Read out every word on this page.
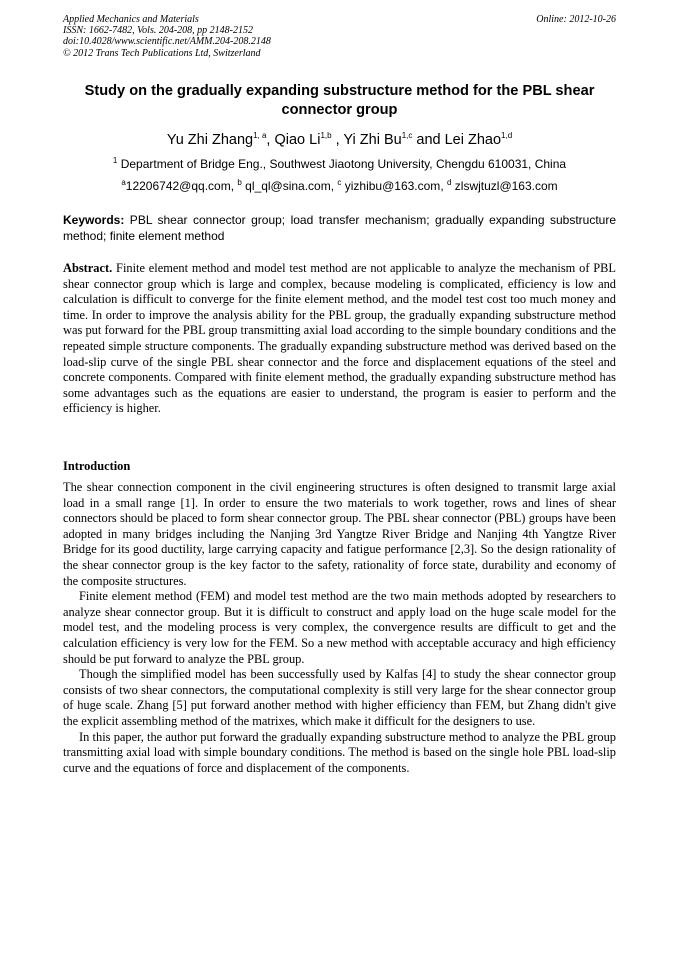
Applied Mechanics and Materials
ISSN: 1662-7482, Vols. 204-208, pp 2148-2152
doi:10.4028/www.scientific.net/AMM.204-208.2148
© 2012 Trans Tech Publications Ltd, Switzerland
Online: 2012-10-26
Study on the gradually expanding substructure method for the PBL shear connector group
Yu Zhi Zhang$^{1, a}$, Qiao Li$^{1,b}$ , Yi Zhi Bu$^{1,c}$ and Lei Zhao$^{1,d}$
$^1$ Department of Bridge Eng., Southwest Jiaotong University, Chengdu 610031, China
$^a$12206742@qq.com, $^b$ ql_ql@sina.com, $^c$ yizhibu@163.com, $^d$ zlswjtuzl@163.com
Keywords: PBL shear connector group; load transfer mechanism; gradually expanding substructure method; finite element method
Abstract. Finite element method and model test method are not applicable to analyze the mechanism of PBL shear connector group which is large and complex, because modeling is complicated, efficiency is low and calculation is difficult to converge for the finite element method, and the model test cost too much money and time. In order to improve the analysis ability for the PBL group, the gradually expanding substructure method was put forward for the PBL group transmitting axial load according to the simple boundary conditions and the repeated simple structure components. The gradually expanding substructure method was derived based on the load-slip curve of the single PBL shear connector and the force and displacement equations of the steel and concrete components. Compared with finite element method, the gradually expanding substructure method has some advantages such as the equations are easier to understand, the program is easier to perform and the efficiency is higher.
Introduction

The shear connection component in the civil engineering structures is often designed to transmit large axial load in a small range [1]. In order to ensure the two materials to work together, rows and lines of shear connectors should be placed to form shear connector group. The PBL shear connector (PBL) groups have been adopted in many bridges including the Nanjing 3rd Yangtze River Bridge and Nanjing 4th Yangtze River Bridge for its good ductility, large carrying capacity and fatigue performance [2,3]. So the design rationality of the shear connector group is the key factor to the safety, rationality of force state, durability and economy of the composite structures.

Finite element method (FEM) and model test method are the two main methods adopted by researchers to analyze shear connector group. But it is difficult to construct and apply load on the huge scale model for the model test, and the modeling process is very complex, the convergence results are difficult to get and the calculation efficiency is very low for the FEM. So a new method with acceptable accuracy and high efficiency should be put forward to analyze the PBL group.

Though the simplified model has been successfully used by Kalfas [4] to study the shear connector group consists of two shear connectors, the computational complexity is still very large for the shear connector group of huge scale. Zhang [5] put forward another method with higher efficiency than FEM, but Zhang didn't give the explicit assembling method of the matrixes, which make it difficult for the designers to use.

In this paper, the author put forward the gradually expanding substructure method to analyze the PBL group transmitting axial load with simple boundary conditions. The method is based on the single hole PBL load-slip curve and the equations of force and displacement of the components.
